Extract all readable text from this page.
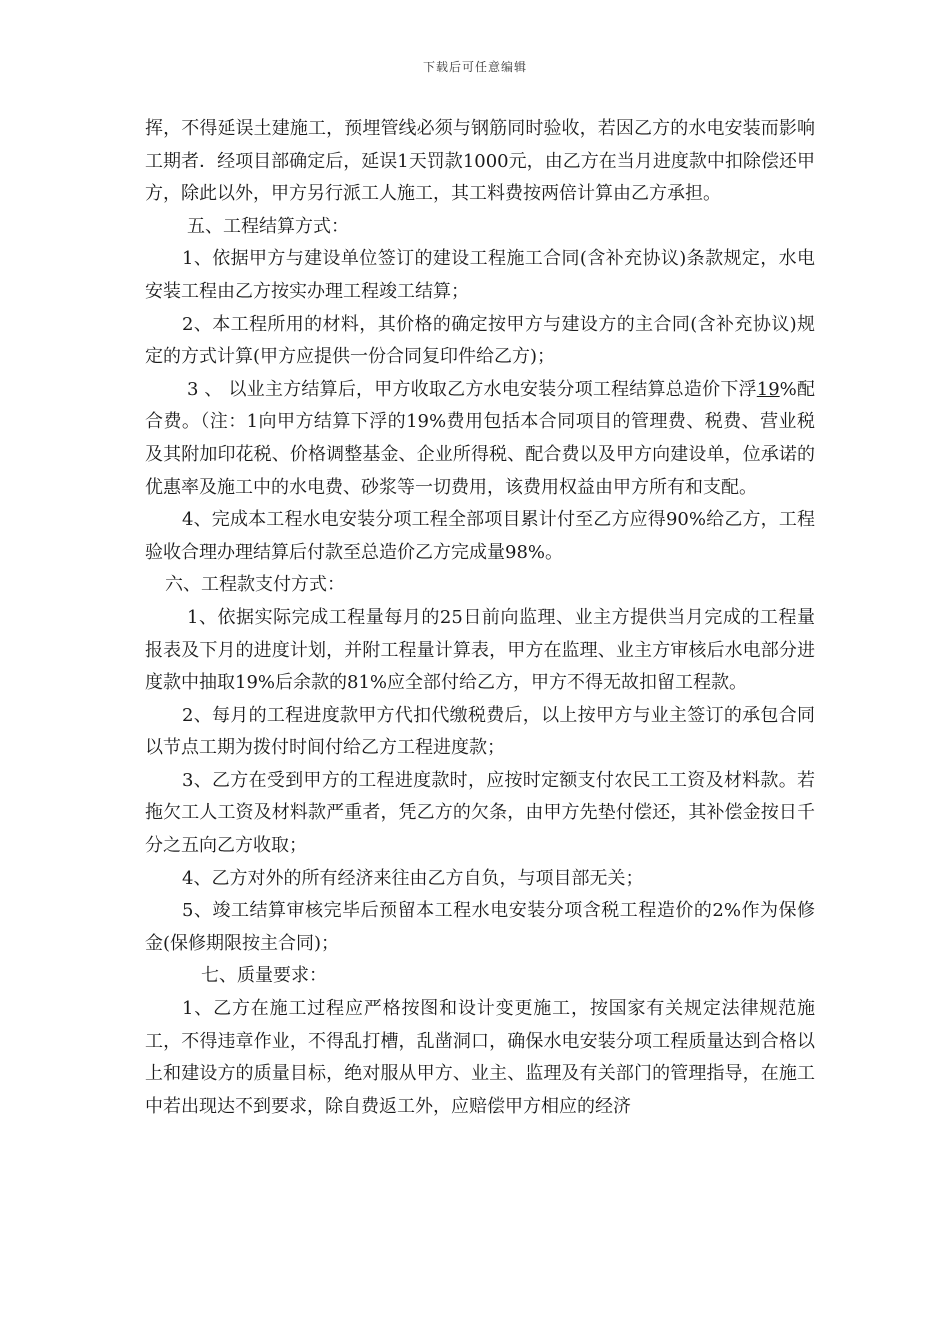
下载后可任意编辑

挥，不得延误土建施工，预埋管线必须与钢筋同时验收，若因乙方的水电安装而影响工期者．经项目部确定后，延误1天罚款1000元，由乙方在当月进度款中扣除偿还甲方，除此以外，甲方另行派工人施工，其工料费按两倍计算由乙方承担。

五、工程结算方式：

1、依据甲方与建设单位签订的建设工程施工合同(含补充协议)条款规定，水电安装工程由乙方按实办理工程竣工结算；

2、本工程所用的材料，其价格的确定按甲方与建设方的主合同(含补充协议)规定的方式计算(甲方应提供一份合同复印件给乙方)；

3 、 以业主方结算后，甲方收取乙方水电安装分项工程结算总造价下浮19%配合费。（注：1向甲方结算下浮的19%费用包括本合同项目的管理费、税费、营业税及其附加印花税、价格调整基金、企业所得税、配合费以及甲方向建设单，位承诺的优惠率及施工中的水电费、砂浆等一切费用，该费用权益由甲方所有和支配。

4、完成本工程水电安装分项工程全部项目累计付至乙方应得90%给乙方，工程验收合理办理结算后付款至总造价乙方完成量98%。

六、工程款支付方式：

1、依据实际完成工程量每月的25日前向监理、业主方提供当月完成的工程量报表及下月的进度计划，并附工程量计算表，甲方在监理、业主方审核后水电部分进度款中抽取19%后余款的81%应全部付给乙方，甲方不得无故扣留工程款。

2、每月的工程进度款甲方代扣代缴税费后，以上按甲方与业主签订的承包合同以节点工期为拨付时间付给乙方工程进度款；

3、乙方在受到甲方的工程进度款时，应按时定额支付农民工工资及材料款。若拖欠工人工资及材料款严重者，凭乙方的欠条，由甲方先垫付偿还，其补偿金按日千分之五向乙方收取；

4、乙方对外的所有经济来往由乙方自负，与项目部无关；

5、竣工结算审核完毕后预留本工程水电安装分项含税工程造价的2%作为保修金(保修期限按主合同)；

七、质量要求：

1、乙方在施工过程应严格按图和设计变更施工，按国家有关规定法律规范施工，不得违章作业，不得乱打槽，乱凿洞口，确保水电安装分项工程质量达到合格以上和建设方的质量目标，绝对服从甲方、业主、监理及有关部门的管理指导，在施工中若出现达不到要求，除自费返工外，应赔偿甲方相应的经济
